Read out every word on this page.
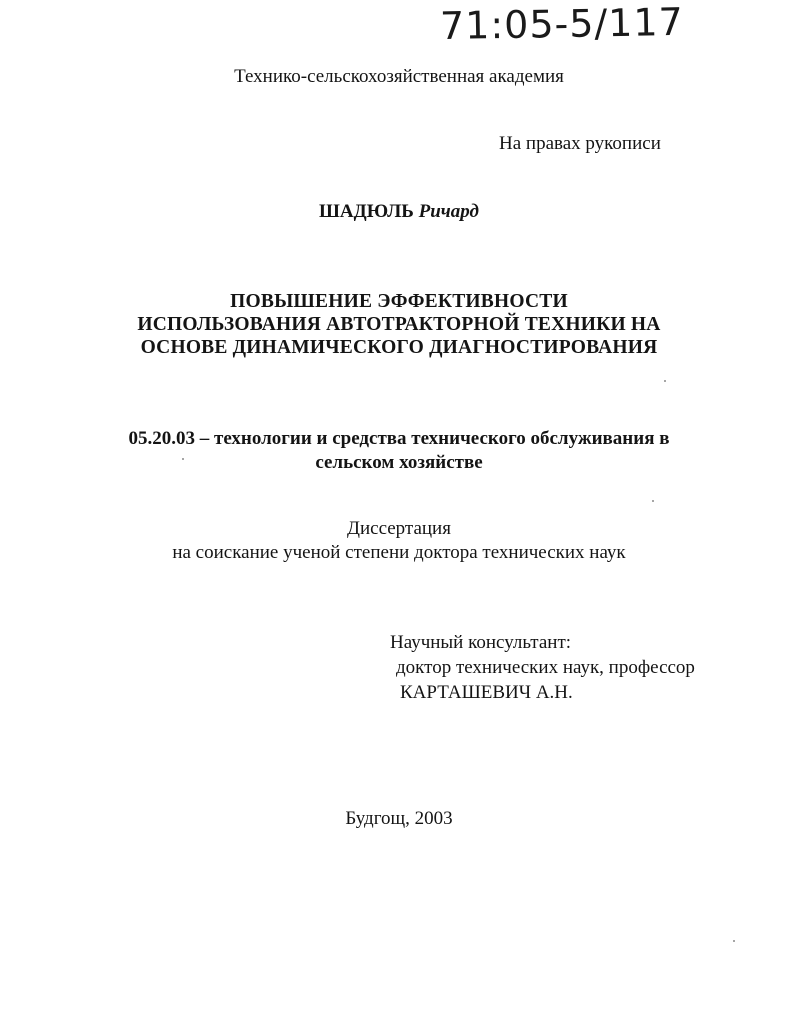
71:05-5/117
Технико-сельскохозяйственная академия
На правах рукописи
ШАДЮЛЬ Ричард
ПОВЫШЕНИЕ ЭФФЕКТИВНОСТИ
ИСПОЛЬЗОВАНИЯ АВТОТРАКТОРНОЙ ТЕХНИКИ НА
ОСНОВЕ ДИНАМИЧЕСКОГО ДИАГНОСТИРОВАНИЯ
05.20.03 – технологии и средства технического обслуживания в
сельском хозяйстве
Диссертация
на соискание ученой степени доктора технических наук
Научный консультант:
доктор технических наук, профессор
КАРТАШЕВИЧ А.Н.
Будгощ, 2003
